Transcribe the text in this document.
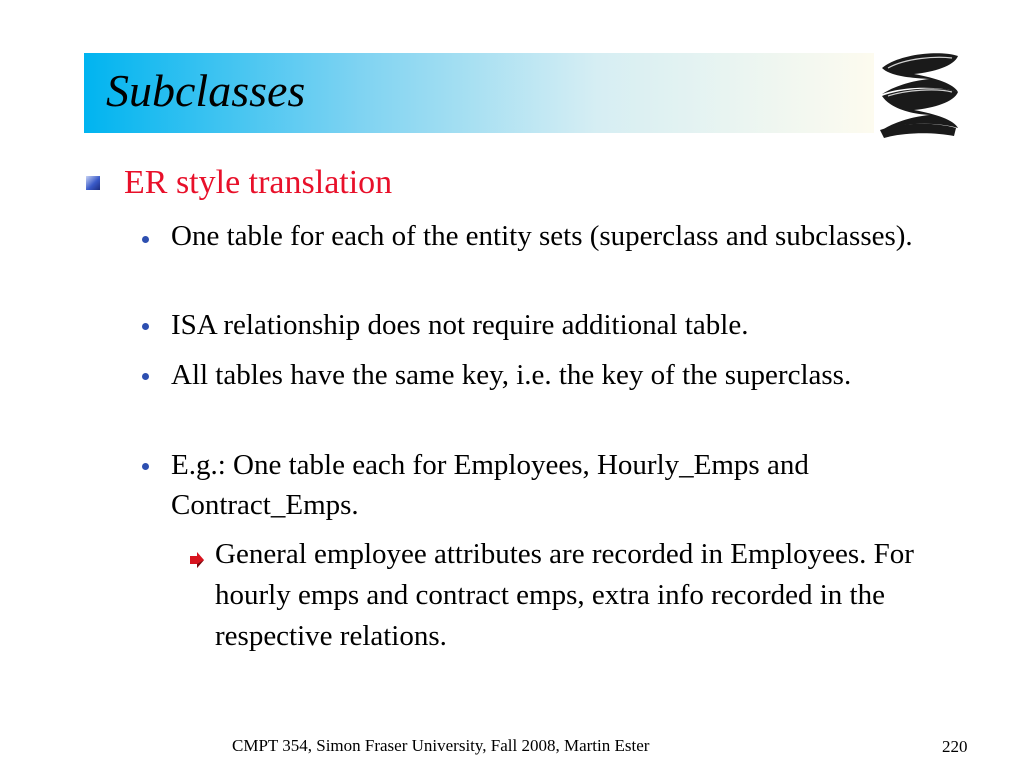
Subclasses
ER style translation
One table for each of the entity sets (superclass and subclasses).
ISA relationship does not require additional table.
All tables have the same key, i.e. the key of the superclass.
E.g.: One table each for Employees, Hourly_Emps and Contract_Emps.
General employee attributes are recorded in Employees. For hourly emps and contract emps, extra info recorded in the respective relations.
CMPT 354, Simon Fraser University, Fall 2008, Martin Ester	220
